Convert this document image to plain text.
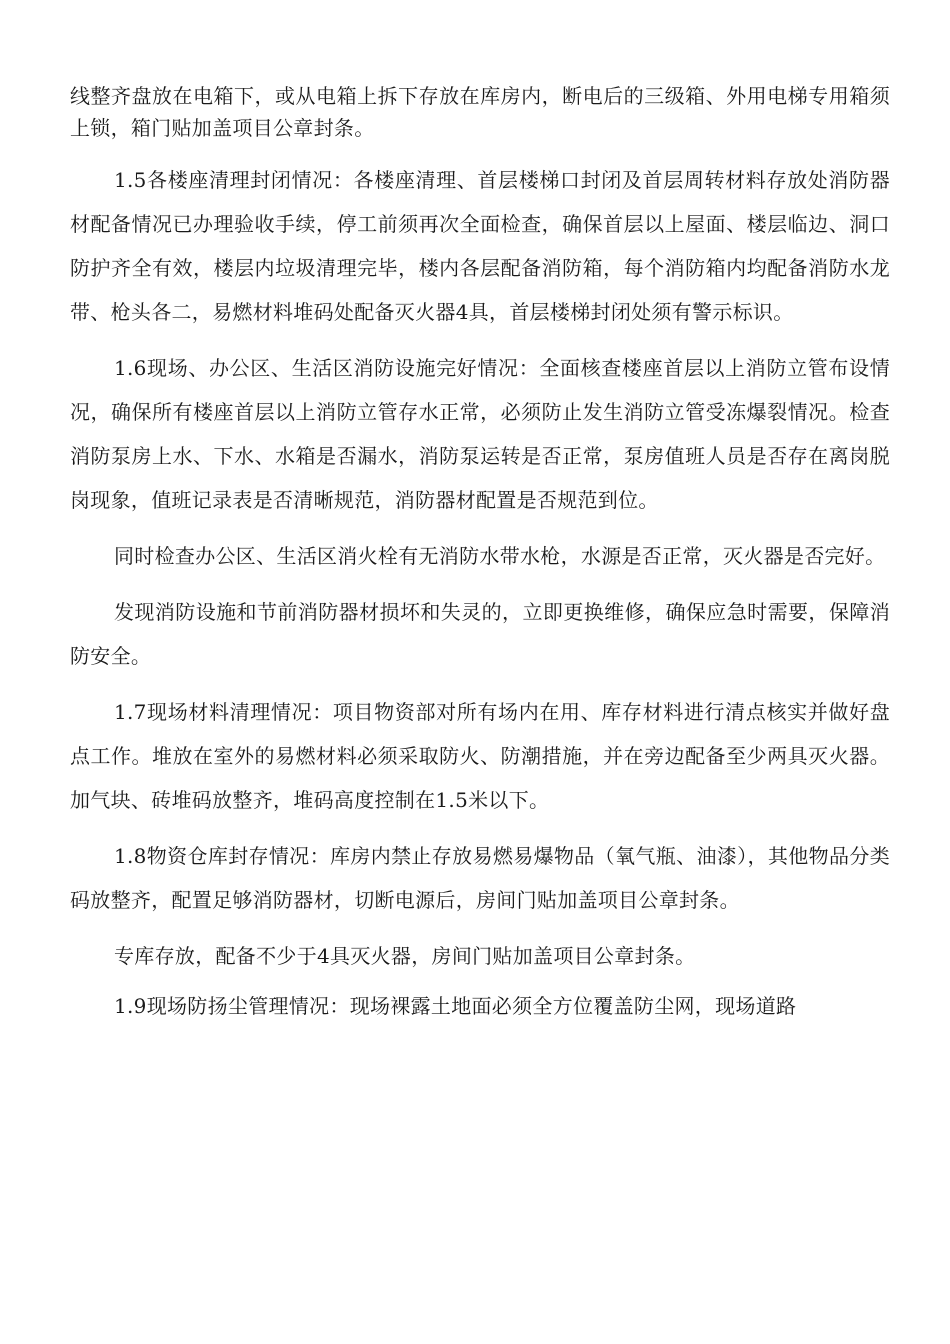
线整齐盘放在电箱下，或从电箱上拆下存放在库房内，断电后的三级箱、外用电梯专用箱须上锁，箱门贴加盖项目公章封条。

1.5各楼座清理封闭情况：各楼座清理、首层楼梯口封闭及首层周转材料存放处消防器材配备情况已办理验收手续，停工前须再次全面检查，确保首层以上屋面、楼层临边、洞口防护齐全有效，楼层内垃圾清理完毕，楼内各层配备消防箱，每个消防箱内均配备消防水龙带、枪头各二，易燃材料堆码处配备灭火器4具，首层楼梯封闭处须有警示标识。

1.6现场、办公区、生活区消防设施完好情况：全面核查楼座首层以上消防立管布设情况，确保所有楼座首层以上消防立管存水正常，必须防止发生消防立管受冻爆裂情况。检查消防泵房上水、下水、水箱是否漏水，消防泵运转是否正常，泵房值班人员是否存在离岗脱岗现象，值班记录表是否清晰规范，消防器材配置是否规范到位。

同时检查办公区、生活区消火栓有无消防水带水枪，水源是否正常，灭火器是否完好。

发现消防设施和节前消防器材损坏和失灵的，立即更换维修，确保应急时需要，保障消防安全。

1.7现场材料清理情况：项目物资部对所有场内在用、库存材料进行清点核实并做好盘点工作。堆放在室外的易燃材料必须采取防火、防潮措施，并在旁边配备至少两具灭火器。加气块、砖堆码放整齐，堆码高度控制在1.5米以下。

1.8物资仓库封存情况：库房内禁止存放易燃易爆物品（氧气瓶、油漆），其他物品分类码放整齐，配置足够消防器材，切断电源后，房间门贴加盖项目公章封条。

专库存放，配备不少于4具灭火器，房间门贴加盖项目公章封条。

1.9现场防扬尘管理情况：现场裸露土地面必须全方位覆盖防尘网，现场道路
